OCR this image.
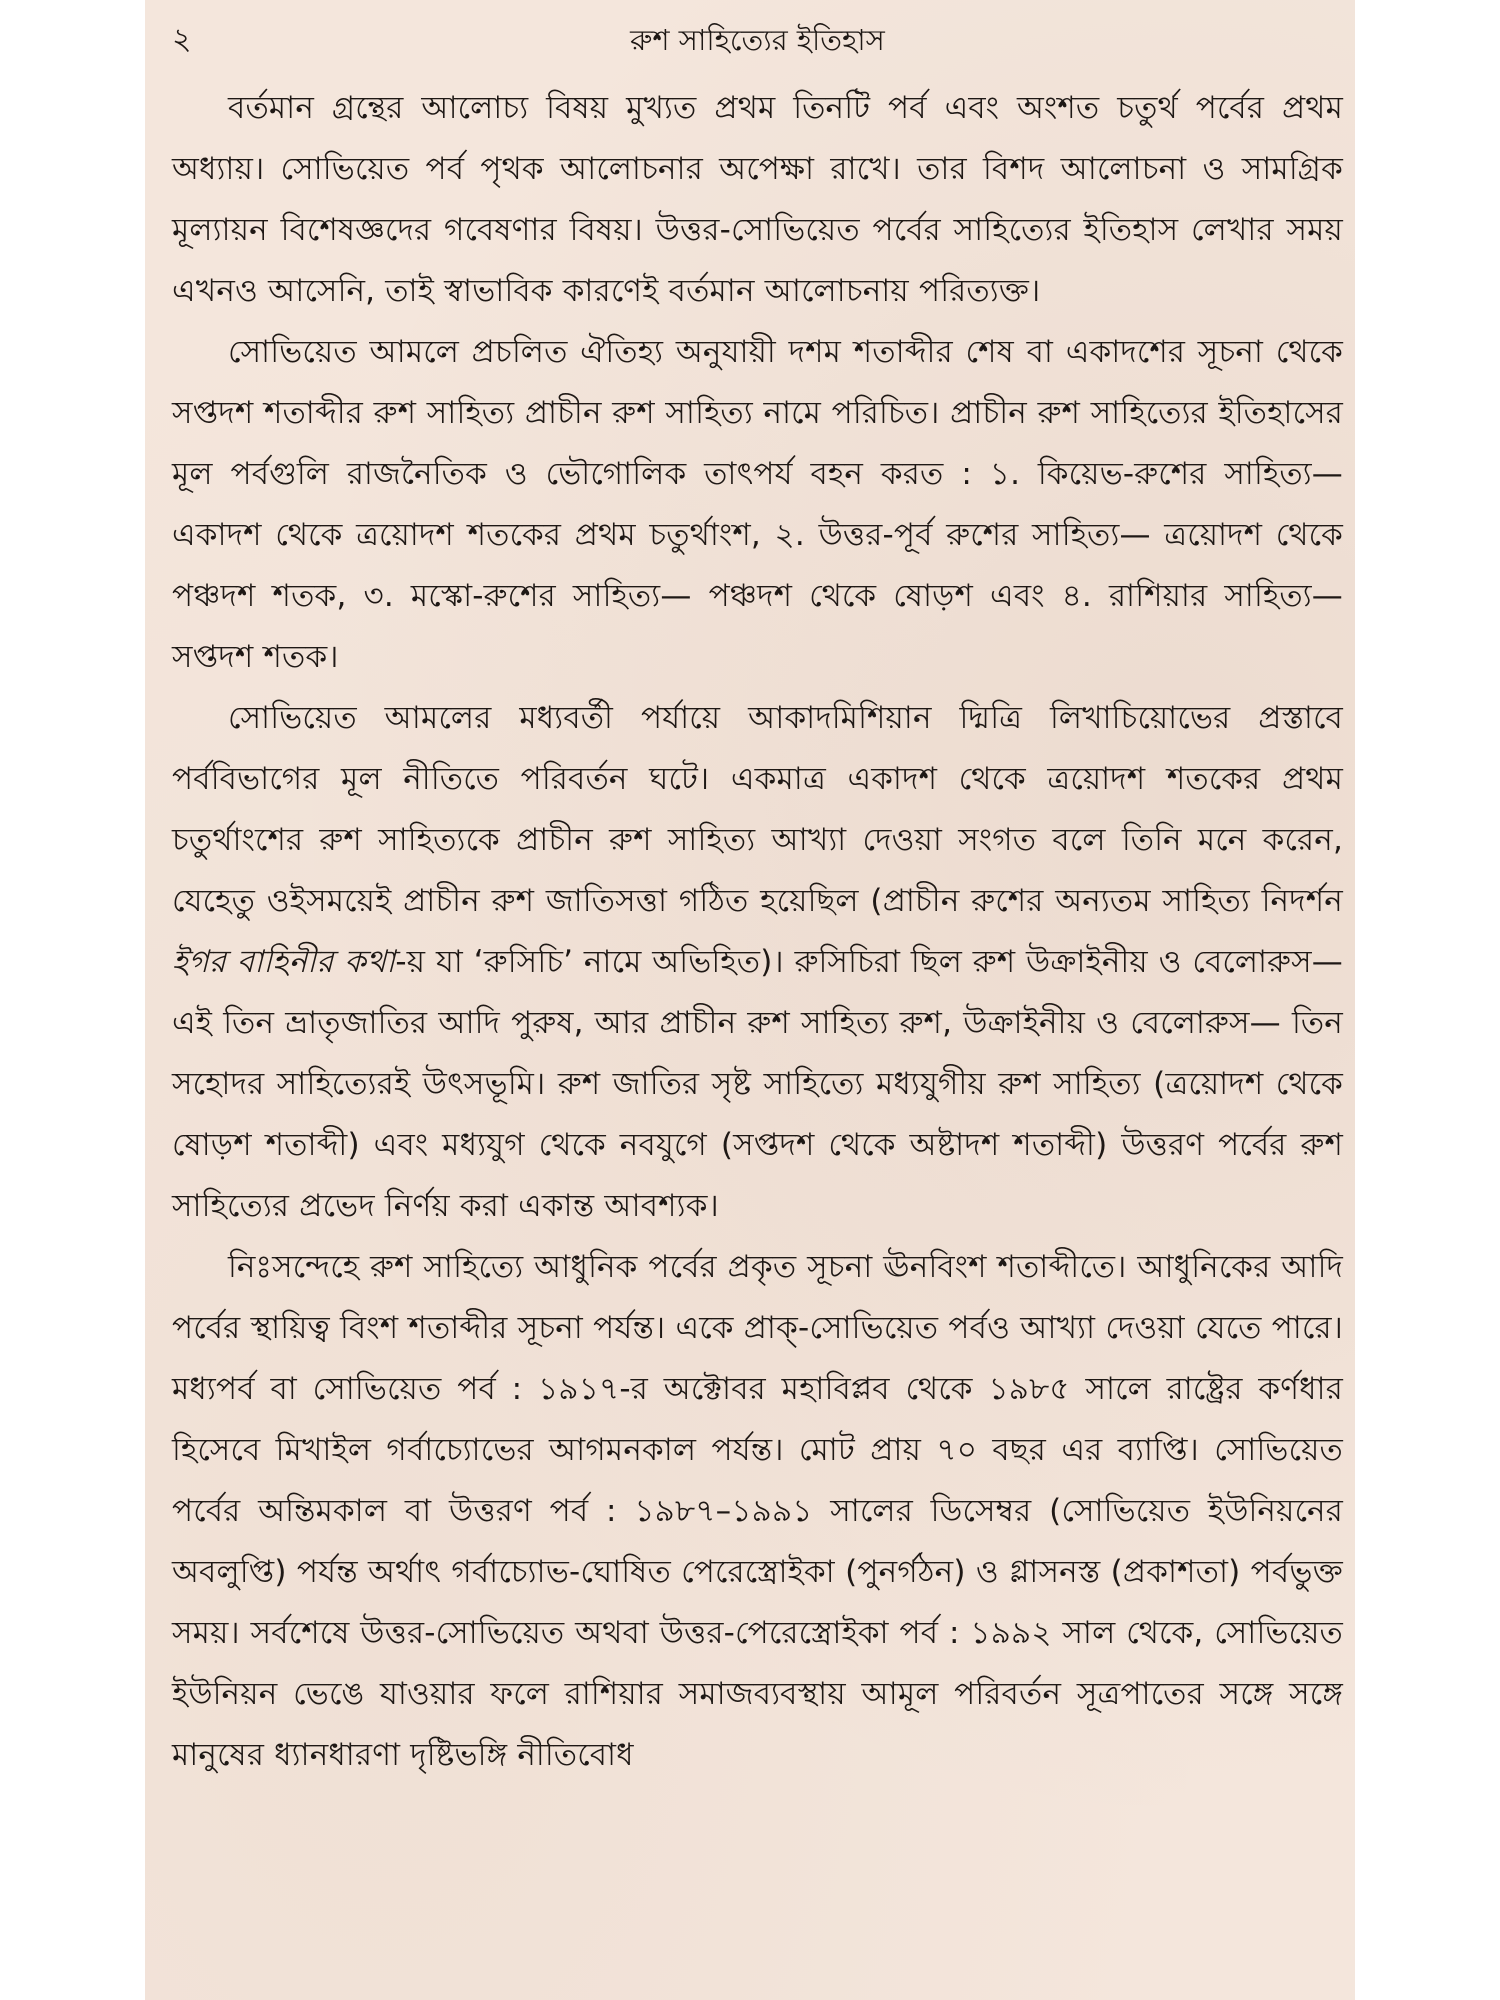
২	রুশ সাহিত্যের ইতিহাস

বর্তমান গ্রন্থের আলোচ্য বিষয় মুখ্যত প্রথম তিনটি পর্ব এবং অংশত চতুর্থ পর্বের প্রথম অধ্যায়। সোভিয়েত পর্ব পৃথক আলোচনার অপেক্ষা রাখে। তার বিশদ আলোচনা ও সামগ্রিক মূল্যায়ন বিশেষজ্ঞদের গবেষণার বিষয়। উত্তর-সোভিয়েত পর্বের সাহিত্যের ইতিহাস লেখার সময় এখনও আসেনি, তাই স্বাভাবিক কারণেই বর্তমান আলোচনায় পরিত্যক্ত।

সোভিয়েত আমলে প্রচলিত ঐতিহ্য অনুযায়ী দশম শতাব্দীর শেষ বা একাদশের সূচনা থেকে সপ্তদশ শতাব্দীর রুশ সাহিত্য প্রাচীন রুশ সাহিত্য নামে পরিচিত। প্রাচীন রুশ সাহিত্যের ইতিহাসের মূল পর্বগুলি রাজনৈতিক ও ভৌগোলিক তাৎপর্য বহন করত : ১. কিয়েভ-রুশের সাহিত্য— একাদশ থেকে ত্রয়োদশ শতকের প্রথম চতুর্থাংশ, ২. উত্তর-পূর্ব রুশের সাহিত্য— ত্রয়োদশ থেকে পঞ্চদশ শতক, ৩. মস্কো-রুশের সাহিত্য— পঞ্চদশ থেকে ষোড়শ এবং ৪. রাশিয়ার সাহিত্য— সপ্তদশ শতক।

সোভিয়েত আমলের মধ্যবর্তী পর্যায়ে আকাদমিশিয়ান দ্মিত্রি লিখাচিয়োভের প্রস্তাবে পর্ববিভাগের মূল নীতিতে পরিবর্তন ঘটে। একমাত্র একাদশ থেকে ত্রয়োদশ শতকের প্রথম চতুর্থাংশের রুশ সাহিত্যকে প্রাচীন রুশ সাহিত্য আখ্যা দেওয়া সংগত বলে তিনি মনে করেন, যেহেতু ওইসময়েই প্রাচীন রুশ জাতিসত্তা গঠিত হয়েছিল (প্রাচীন রুশের অন্যতম সাহিত্য নিদর্শন ইগর বাহিনীর কথা-য় যা ‘রুসিচি’ নামে অভিহিত)। রুসিচিরা ছিল রুশ উক্রাইনীয় ও বেলোরুস— এই তিন ভ্রাতৃজাতির আদি পুরুষ, আর প্রাচীন রুশ সাহিত্য রুশ, উক্রাইনীয় ও বেলোরুস— তিন সহোদর সাহিত্যেরই উৎসভূমি। রুশ জাতির সৃষ্ট সাহিত্যে মধ্যযুগীয় রুশ সাহিত্য (ত্রয়োদশ থেকে ষোড়শ শতাব্দী) এবং মধ্যযুগ থেকে নবযুগে (সপ্তদশ থেকে অষ্টাদশ শতাব্দী) উত্তরণ পর্বের রুশ সাহিত্যের প্রভেদ নির্ণয় করা একান্ত আবশ্যক।

নিঃসন্দেহে রুশ সাহিত্যে আধুনিক পর্বের প্রকৃত সূচনা ঊনবিংশ শতাব্দীতে। আধুনিকের আদি পর্বের স্থায়িত্ব বিংশ শতাব্দীর সূচনা পর্যন্ত। একে প্রাক্-সোভিয়েত পর্বও আখ্যা দেওয়া যেতে পারে। মধ্যপর্ব বা সোভিয়েত পর্ব : ১৯১৭-র অক্টোবর মহাবিপ্লব থেকে ১৯৮৫ সালে রাষ্ট্রের কর্ণধার হিসেবে মিখাইল গর্বাচ্যোভের আগমনকাল পর্যন্ত। মোট প্রায় ৭০ বছর এর ব্যাপ্তি। সোভিয়েত পর্বের অন্তিমকাল বা উত্তরণ পর্ব : ১৯৮৭–১৯৯১ সালের ডিসেম্বর (সোভিয়েত ইউনিয়নের অবলুপ্তি) পর্যন্ত অর্থাৎ গর্বাচ্যোভ-ঘোষিত পেরেস্ত্রোইকা (পুনর্গঠন) ও গ্লাসনস্ত (প্রকাশতা) পর্বভুক্ত সময়। সর্বশেষে উত্তর-সোভিয়েত অথবা উত্তর-পেরেস্ত্রোইকা পর্ব : ১৯৯২ সাল থেকে, সোভিয়েত ইউনিয়ন ভেঙে যাওয়ার ফলে রাশিয়ার সমাজব্যবস্থায় আমূল পরিবর্তন সূত্রপাতের সঙ্গে সঙ্গে মানুষের ধ্যানধারণা দৃষ্টিভঙ্গি নীতিবোধ
